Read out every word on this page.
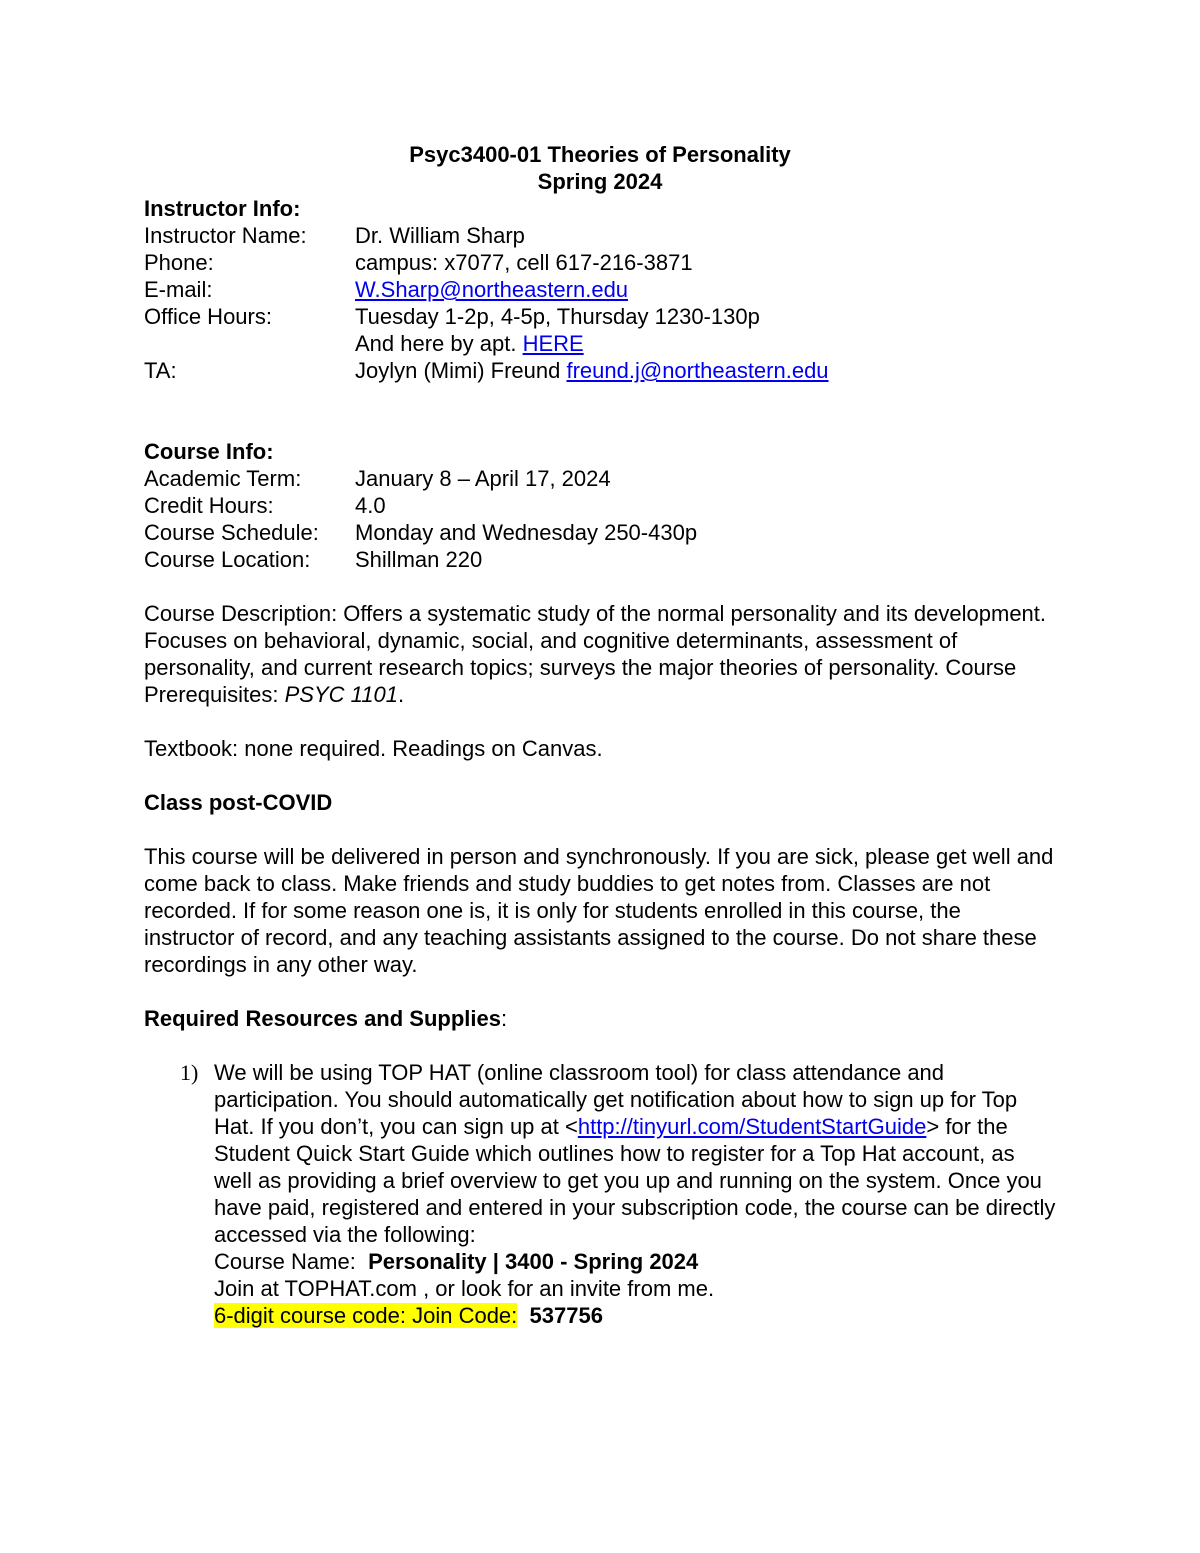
Psyc3400-01 Theories of Personality
Spring 2024
Instructor Info:
Instructor Name:	Dr. William Sharp
Phone:	campus: x7077, cell 617-216-3871
E-mail:	W.Sharp@northeastern.edu
Office Hours:	Tuesday 1-2p, 4-5p, Thursday 1230-130p
And here by apt. HERE
TA:	Joylyn (Mimi) Freund freund.j@northeastern.edu
Course Info:
Academic Term:	January 8 – April 17, 2024
Credit Hours:	4.0
Course Schedule:	Monday and Wednesday 250-430p
Course Location:	Shillman 220

Course Description: Offers a systematic study of the normal personality and its development. Focuses on behavioral, dynamic, social, and cognitive determinants, assessment of personality, and current research topics; surveys the major theories of personality. Course Prerequisites: PSYC 1101.

Textbook: none required. Readings on Canvas.

Class post-COVID

This course will be delivered in person and synchronously. If you are sick, please get well and come back to class. Make friends and study buddies to get notes from. Classes are not recorded. If for some reason one is, it is only for students enrolled in this course, the instructor of record, and any teaching assistants assigned to the course. Do not share these recordings in any other way.

Required Resources and Supplies:

1) We will be using TOP HAT (online classroom tool) for class attendance and participation. You should automatically get notification about how to sign up for Top Hat. If you don’t, you can sign up at <http://tinyurl.com/StudentStartGuide> for the Student Quick Start Guide which outlines how to register for a Top Hat account, as well as providing a brief overview to get you up and running on the system. Once you have paid, registered and entered in your subscription code, the course can be directly accessed via the following:

Course Name:  Personality | 3400 - Spring 2024

Join at TOPHAT.com , or look for an invite from me.

6-digit course code: Join Code: 537756
